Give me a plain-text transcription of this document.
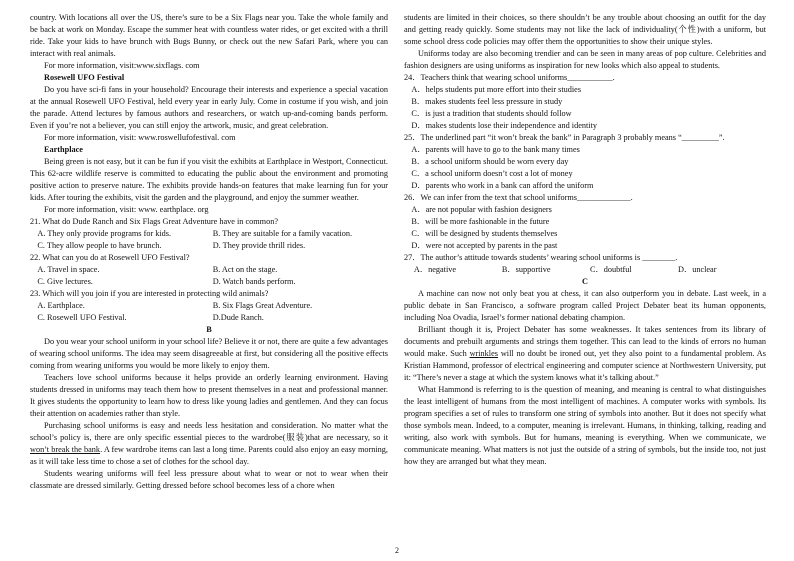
country. With locations all over the US, there’s sure to be a Six Flags near you. Take the whole family and be back at work on Monday. Escape the summer heat with countless water rides, or get excited with a thrill ride. Take your kids to have brunch with Bugs Bunny, or check out the new Safari Park, where you can interact with real animals.

For more information, visit:www.sixflags. com

Rosewell UFO Festival

Do you have sci-fi fans in your household? Encourage their interests and experience a special vacation at the annual Rosewell UFO Festival, held every year in early July. Come in costume if you wish, and join the parade. Attend lectures by famous authors and researchers, or watch up-and-coming bands perform. Even if you’re not a believer, you can still enjoy the artwork, music, and great celebration.

For more information, visit: www.roswellufofestival. com

Earthplace

Being green is not easy, but it can be fun if you visit the exhibits at Earthplace in Westport, Connecticut. This 62-acre wildlife reserve is committed to educating the public about the environment and promoting positive action to preserve nature. The exhibits provide hands-on features that make learning fun for your kids. After touring the exhibits, visit the garden and the playground, and enjoy the summer weather.

For more information, visit: www. earthplace. org

21. What do Dude Ranch and Six Flags Great Adventure have in common?

A. They only provide programs for kids.	B. They are suitable for a family vacation.
C. They allow people to have brunch.	D. They provide thrill rides.

22. What can you do at Rosewell UFO Festival?

A. Travel in space.	B. Act on the stage.
C. Give lectures.	D. Watch bands perform.

23. Which will you join if you are interested in protecting wild animals?

A. Earthplace.	B. Six Flags Great Adventure.
C. Rosewell UFO Festival.	D.Dude Ranch.

B

Do you wear your school uniform in your school life? Believe it or not, there are quite a few advantages of wearing school uniforms. The idea may seem disagreeable at first, but considering all the positive effects coming from wearing uniforms you would be more likely to enjoy them.

Teachers love school uniforms because it helps provide an orderly learning environment. Having students dressed in uniforms may teach them how to present themselves in a neat and professional manner. It gives students the opportunity to learn how to dress like young ladies and gentlemen. And they can focus their attention on academies rather than style.

Purchasing school uniforms is easy and needs less hesitation and consideration. No matter what the school’s policy is, there are only specific essential pieces to the wardrobe(服装)that are necessary, so it won’t break the bank. A few wardrobe items can last a long time. Parents could also enjoy an easy morning, as it will take less time to chose a set of clothes for the school day.

Students wearing uniforms will feel less pressure about what to wear or not to wear when their classmate are dressed similarly. Getting dressed before school becomes less of a chore when

students are limited in their choices, so there shouldn’t be any trouble about choosing an outfit for the day and getting ready quickly. Some students may not like the lack of individuality(个性)with a uniform, but some school dress code policies may offer them the opportunities to show their unique styles.

Uniforms today are also becoming trendier and can be seen in many areas of pop culture. Celebrities and fashion designers are using uniforms as inspiration for new looks which also appeal to students.

24．Teachers think that wearing school uniforms___________.

A．helps students put more effort into their studies

B．makes students feel less pressure in study

C．is just a tradition that students should follow

D．makes students lose their independence and identity

25．The underlined part “it won’t break the bank” in Paragraph 3 probably means “_________”.

A．parents will have to go to the bank many times

B．a school uniform should be worn every day

C．a school uniform doesn’t cost a lot of money

D．parents who work in a bank can afford the uniform

26．We can infer from the text that school uniforms_____________.

A．are not popular with fashion designers

B．will be more fashionable in the future

C．will be designed by students themselves

D．were not accepted by parents in the past

27．The author’s attitude towards students’ wearing school uniforms is ________.

A．negative	B．supportive	C．doubtful	D．unclear

C

A machine can now not only beat you at chess, it can also outperform you in debate. Last week, in a public debate in San Francisco, a software program called Project Debater beat its human opponents, including Noa Ovadia, Israel’s former national debating champion.

Brilliant though it is, Project Debater has some weaknesses. It takes sentences from its library of documents and prebuilt arguments and strings them together. This can lead to the kinds of errors no human would make. Such wrinkles will no doubt be ironed out, yet they also point to a fundamental problem. As Kristian Hammond, professor of electrical engineering and computer science at Northwestern University, put it: “There’s never a stage at which the system knows what it’s talking about.”

What Hammond is referring to is the question of meaning, and meaning is central to what distinguishes the least intelligent of humans from the most intelligent of machines. A computer works with symbols. Its program specifies a set of rules to transform one string of symbols into another. But it does not specify what those symbols mean. Indeed, to a computer, meaning is irrelevant. Humans, in thinking, talking, reading and writing, also work with symbols. But for humans, meaning is everything. When we communicate, we communicate meaning. What matters is not just the outside of a string of symbols, but the inside too, not just how they are arranged but what they mean.

2
